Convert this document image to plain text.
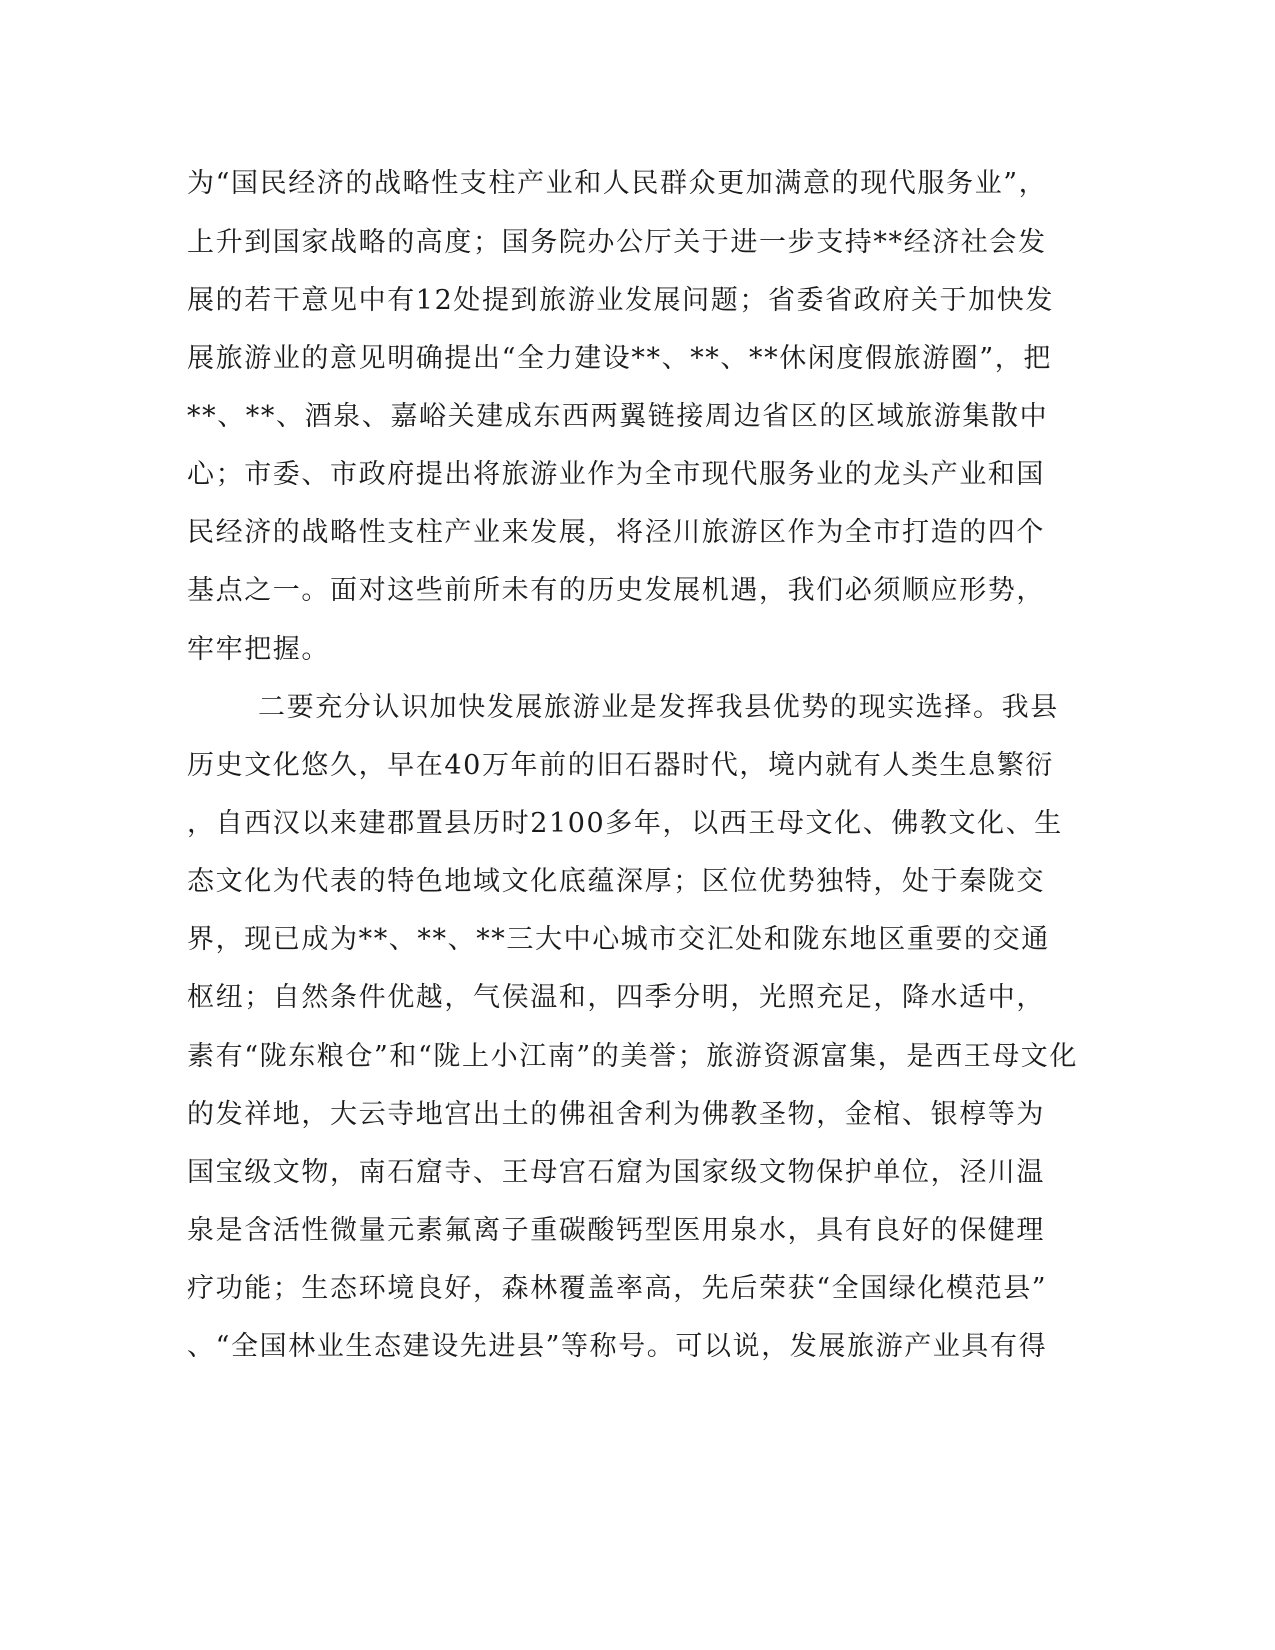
为“国民经济的战略性支柱产业和人民群众更加满意的现代服务业”，
上升到国家战略的高度；国务院办公厅关于进一步支持**经济社会发
展的若干意见中有12处提到旅游业发展问题；省委省政府关于加快发
展旅游业的意见明确提出“全力建设**、**、**休闲度假旅游圈”，把
**、**、酒泉、嘉峪关建成东西两翼链接周边省区的区域旅游集散中
心；市委、市政府提出将旅游业作为全市现代服务业的龙头产业和国
民经济的战略性支柱产业来发展，将泾川旅游区作为全市打造的四个
基点之一。面对这些前所未有的历史发展机遇，我们必须顺应形势，
牢牢把握。
二要充分认识加快发展旅游业是发挥我县优势的现实选择。我县
历史文化悠久，早在40万年前的旧石器时代，境内就有人类生息繁衍
，自西汉以来建郡置县历时2100多年，以西王母文化、佛教文化、生
态文化为代表的特色地域文化底蕴深厚；区位优势独特，处于秦陇交
界，现已成为**、**、**三大中心城市交汇处和陇东地区重要的交通
枢纽；自然条件优越，气侯温和，四季分明，光照充足，降水适中，
素有“陇东粮仓”和“陇上小江南”的美誉；旅游资源富集，是西王母文化
的发祥地，大云寺地宫出土的佛祖舍利为佛教圣物，金棺、银椁等为
国宝级文物，南石窟寺、王母宫石窟为国家级文物保护单位，泾川温
泉是含活性微量元素氟离子重碳酸钙型医用泉水，具有良好的保健理
疗功能；生态环境良好，森林覆盖率高，先后荣获“全国绿化模范县”
、“全国林业生态建设先进县”等称号。可以说，发展旅游产业具有得
